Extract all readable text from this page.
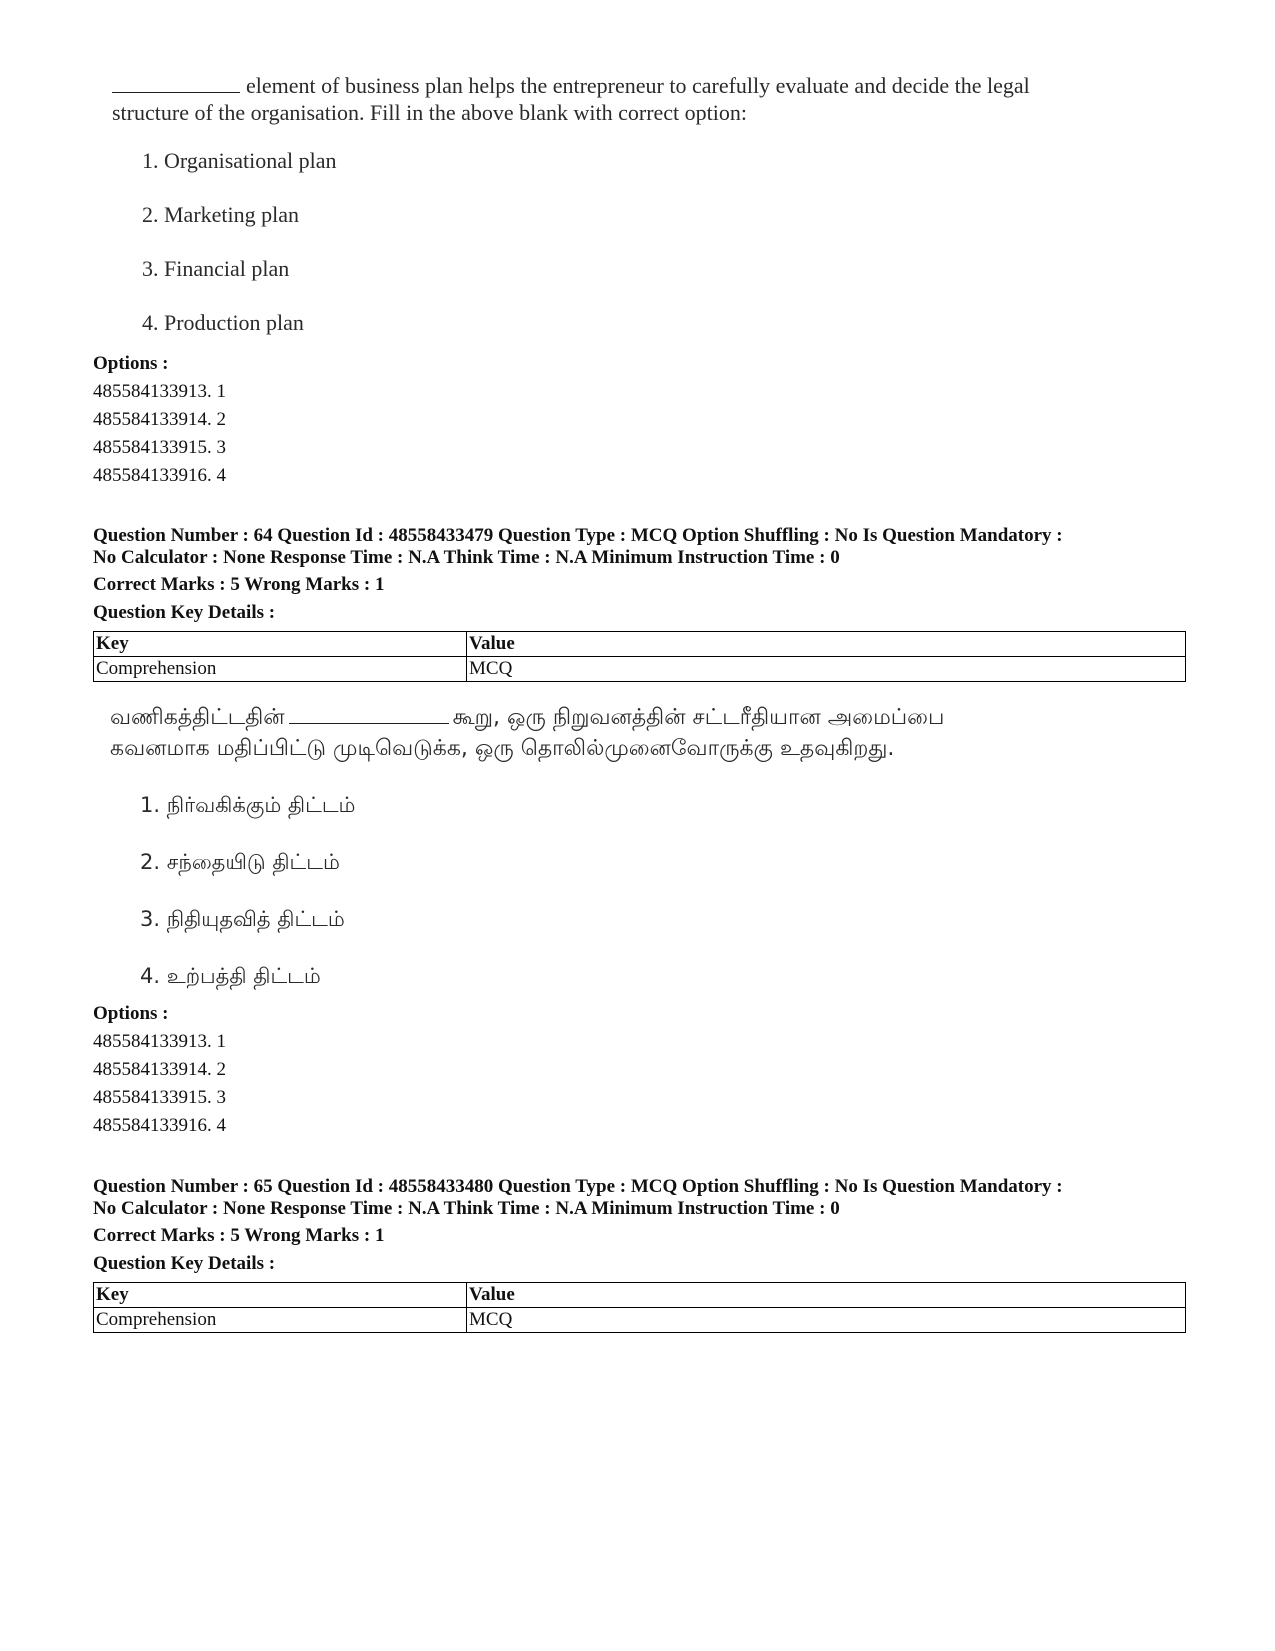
element of business plan helps the entrepreneur to carefully evaluate and decide the legal
structure of the organisation. Fill in the above blank with correct option:

1. Organisational plan
2. Marketing plan
3. Financial plan
4. Production plan

Options :

485584133913. 1

485584133914. 2

485584133915. 3

485584133916. 4

Question Number : 64 Question Id : 48558433479 Question Type : MCQ Option Shuffling : No Is Question Mandatory :

No Calculator : None Response Time : N.A Think Time : N.A Minimum Instruction Time : 0

Correct Marks : 5 Wrong Marks : 1

Question Key Details :

Key	Value
Comprehension	MCQ

வணிகத்திட்டதின்	கூறு, ஒரு நிறுவனத்தின் சட்டரீதியான அமைப்பை
கவனமாக மதிப்பிட்டு முடிவெடுக்க, ஒரு தொலில்முனைவோருக்கு உதவுகிறது.

1. நிர்வகிக்கும் திட்டம்
2. சந்தையிடு திட்டம்
3. நிதியுதவித் திட்டம்
4. உற்பத்தி திட்டம்

Options :

485584133913. 1

485584133914. 2

485584133915. 3

485584133916. 4

Question Number : 65 Question Id : 48558433480 Question Type : MCQ Option Shuffling : No Is Question Mandatory :

No Calculator : None Response Time : N.A Think Time : N.A Minimum Instruction Time : 0

Correct Marks : 5 Wrong Marks : 1

Question Key Details :

Key	Value
Comprehension	MCQ
